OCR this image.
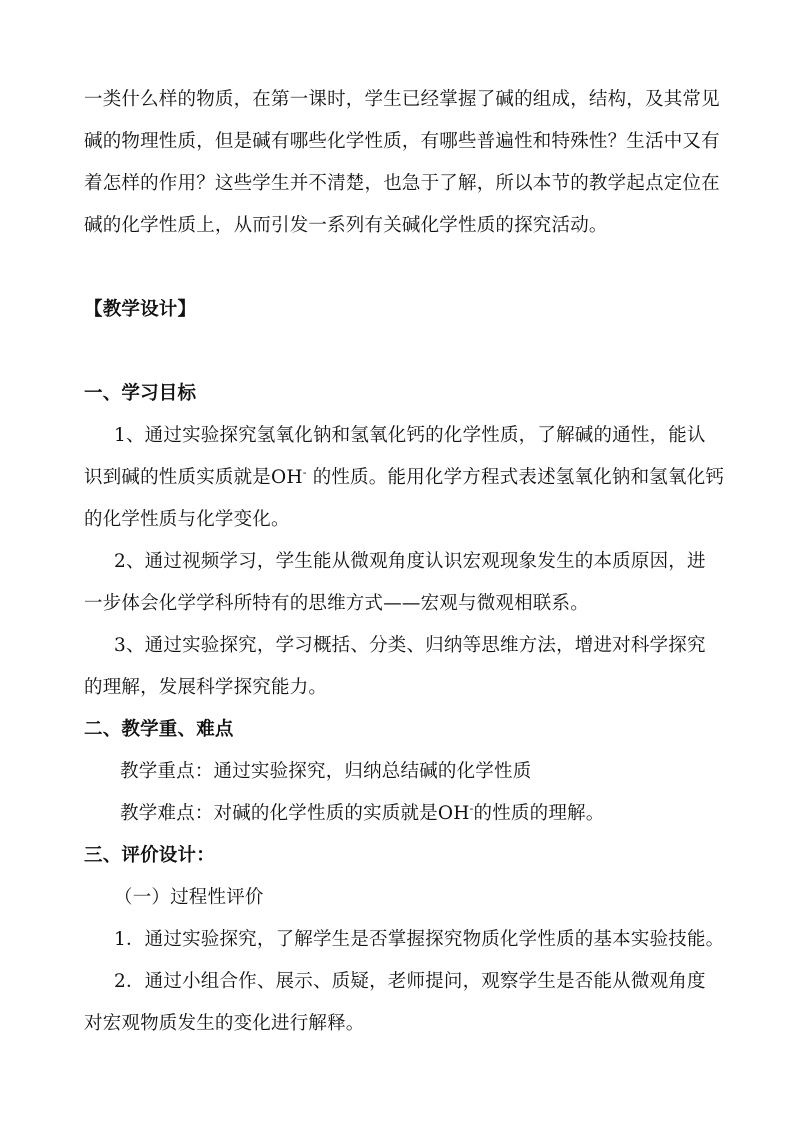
一类什么样的物质，在第一课时，学生已经掌握了碱的组成，结构，及其常见
碱的物理性质，但是碱有哪些化学性质，有哪些普遍性和特殊性？生活中又有
着怎样的作用？这些学生并不清楚，也急于了解，所以本节的教学起点定位在
碱的化学性质上，从而引发一系列有关碱化学性质的探究活动。
【教学设计】
一、学习目标
1、通过实验探究氢氧化钠和氢氧化钙的化学性质，了解碱的通性，能认
识到碱的性质实质就是OH- 的性质。能用化学方程式表述氢氧化钠和氢氧化钙
的化学性质与化学变化。
2、通过视频学习，学生能从微观角度认识宏观现象发生的本质原因，进
一步体会化学学科所特有的思维方式——宏观与微观相联系。
3、通过实验探究，学习概括、分类、归纳等思维方法，增进对科学探究
的理解，发展科学探究能力。
二、教学重、难点
教学重点：通过实验探究，归纳总结碱的化学性质
教学难点：对碱的化学性质的实质就是OH-的性质的理解。
三、评价设计：
（一）过程性评价
1．通过实验探究，了解学生是否掌握探究物质化学性质的基本实验技能。
2．通过小组合作、展示、质疑，老师提问，观察学生是否能从微观角度
对宏观物质发生的变化进行解释。
